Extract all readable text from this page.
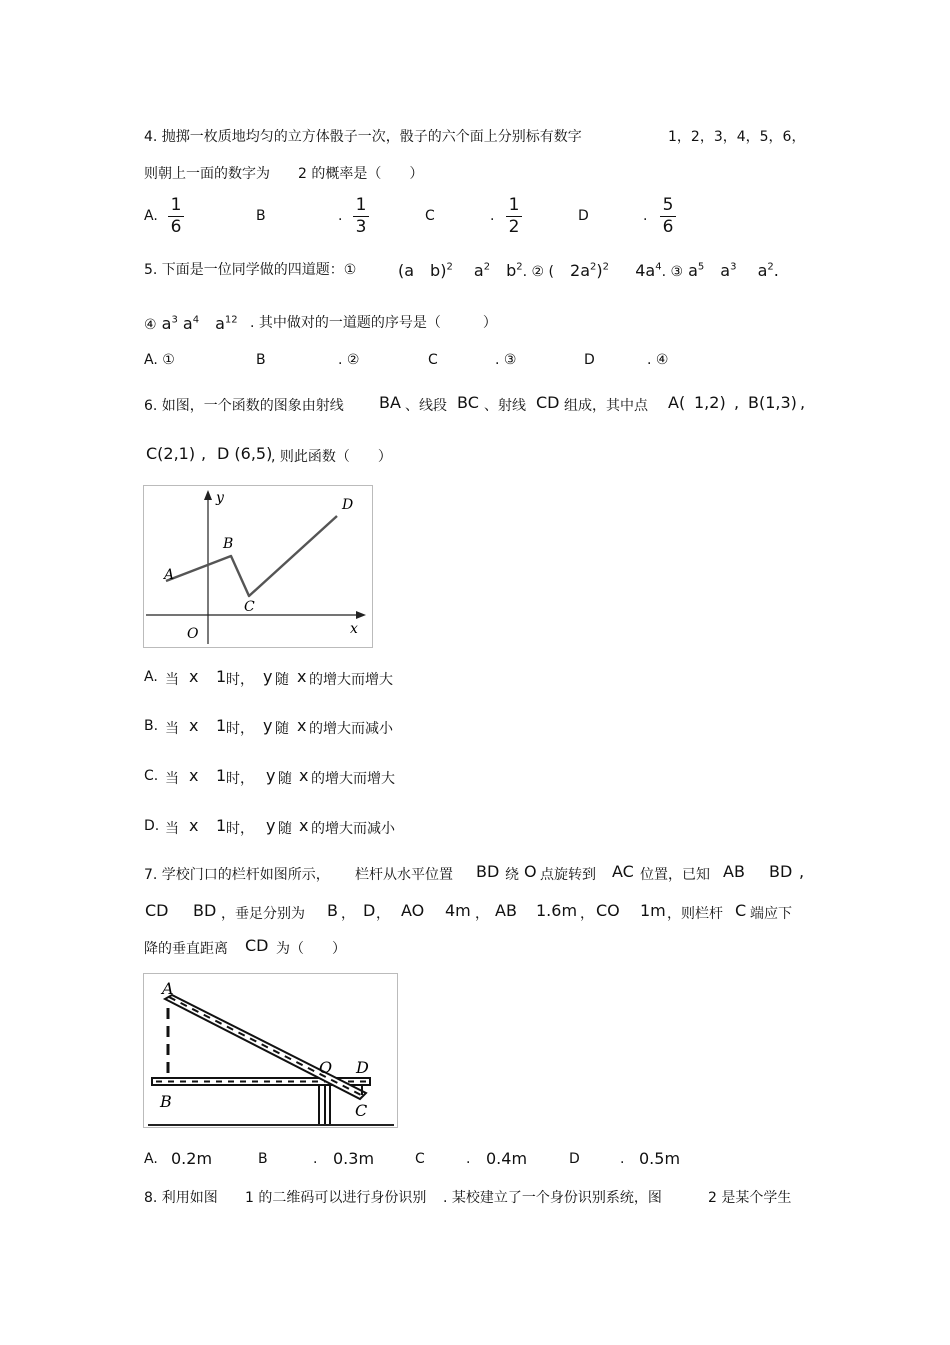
4. 抛掷一枚质地均匀的立方体骰子一次，骰子的六个面上分别标有数字	1，2，3，4，5，6，
则朝上一面的数字为 2 的概率是（　　）
A.
1
6
B	.
1
3
C	.
1
2
D	.
5
6
5. 下面是一位同学做的四道题：①	(a　b)$^2$　 $a^2$　$b^2$. ② (　$2a^2)^2$　  $4a^4$. ③ $a^5$　$a^3$　 $a^2$.
④ $a^3$ $a^4$　$a^{12}$ . 其中做对的一道题的序号是（　　　）
A. ①	B	. ②	C	. ③	D	. ④
6. 如图，一个函数的图象由射线 BA 、线段 BC 、射线 CD 组成，其中点 A( 1,2) , B(1,3) ,
C(2,1) , D (6,5)
, 则此函数（　　）
y
x
O
A
B
C
D
A. 当 x 1 时， y 随 x 的增大而增大
B. 当 x 1 时， y 随 x 的增大而减小
C. 当 x 1 时， y 随 x 的增大而增大
D. 当 x 1 时， y 随 x 的增大而减小
7. 学校门口的栏杆如图所示， 栏杆从水平位置 BD 绕 O 点旋转到 AC 位置，已知 AB BD ,
CD BD ，垂足分别为 B ， D ， AO 4m ， AB 1.6m ， CO 1m ，则栏杆 C 端应下
降的垂直距离 CD 为（　　）
A
B
O D
C
A. 0.2m	B	. 0.3m	C	. 0.4m	D	. 0.5m
8. 利用如图 1 的二维码可以进行身份识别 . 某校建立了一个身份识别系统，图	2 是某个学生
